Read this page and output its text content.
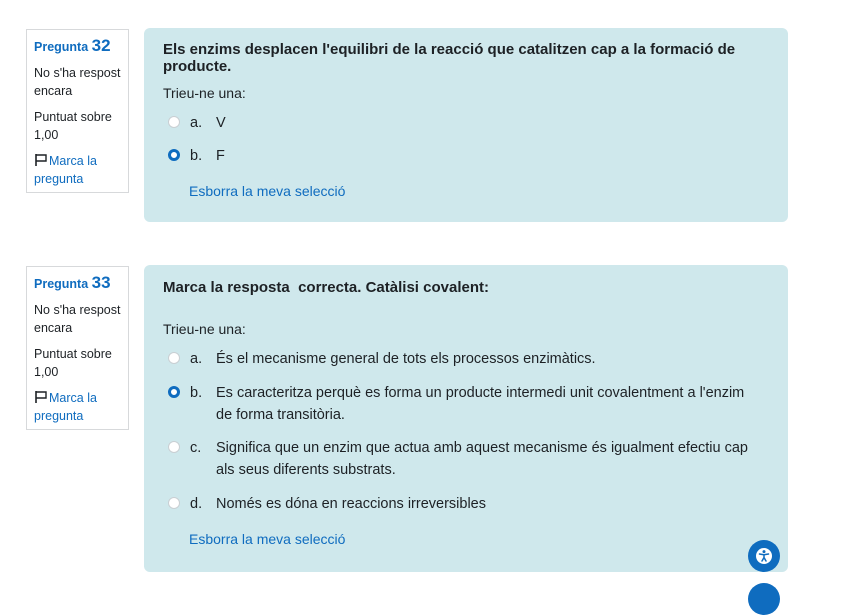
Pregunta 32
No s'ha respost encara
Puntuat sobre 1,00
Marca la pregunta
Els enzims desplacen l'equilibri de la reacció que catalitzen cap a la formació de producte.
Trieu-ne una:
a. V
b. F
Esborra la meva selecció
Pregunta 33
No s'ha respost encara
Puntuat sobre 1,00
Marca la pregunta
Marca la resposta  correcta. Catàlisi covalent:
Trieu-ne una:
a. És el mecanisme general de tots els processos enzimàtics.
b. Es caracteritza perquè es forma un producte intermedi unit covalentment a l'enzim
de forma transitòria.
c. Significa que un enzim que actua amb aquest mecanisme és igualment efectiu cap
als seus diferents substrats.
d. Només es dóna en reaccions irreversibles
Esborra la meva selecció
